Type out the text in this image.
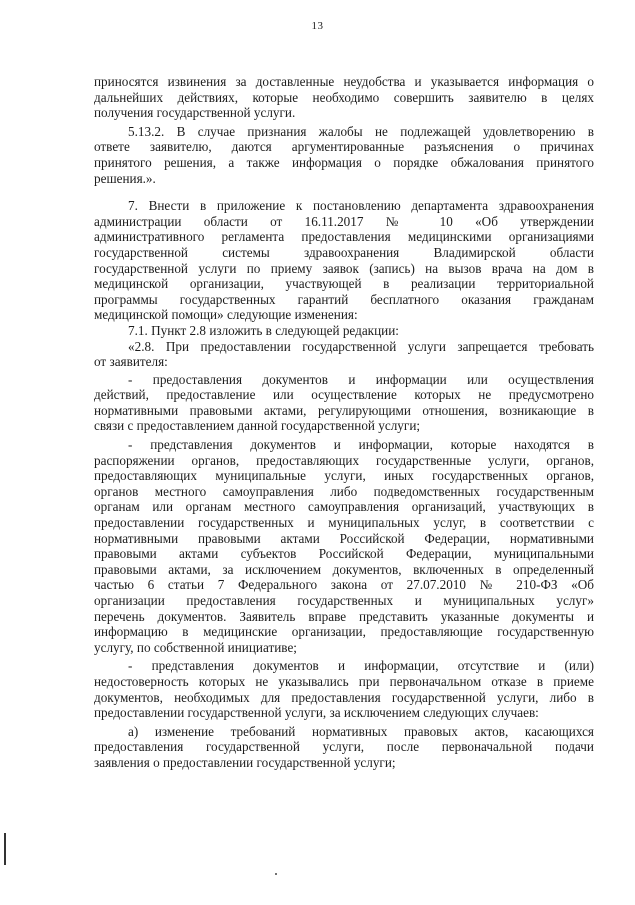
13

приносятся извинения за доставленные неудобства и указывается информация о
дальнейших действиях, которые необходимо совершить заявителю в целях
получения государственной услуги.

5.13.2. В случае признания жалобы не подлежащей удовлетворению в
ответе заявителю, даются аргументированные разъяснения о причинах
принятого решения, а также информация о порядке обжалования принятого
решения.».

7. Внести в приложение к постановлению департамента здравоохранения
администрации области от 16.11.2017 № 10 «Об утверждении
административного регламента предоставления медицинскими организациями
государственной системы здравоохранения Владимирской области
государственной услуги по приему заявок (запись) на вызов врача на дом в
медицинской организации, участвующей в реализации территориальной
программы государственных гарантий бесплатного оказания гражданам
медицинской помощи» следующие изменения:

7.1. Пункт 2.8 изложить в следующей редакции:

«2.8. При предоставлении государственной услуги запрещается требовать
от заявителя:

- предоставления документов и информации или осуществления
действий, предоставление или осуществление которых не предусмотрено
нормативными правовыми актами, регулирующими отношения, возникающие в
связи с предоставлением данной государственной услуги;

- представления документов и информации, которые находятся в
распоряжении органов, предоставляющих государственные услуги, органов,
предоставляющих муниципальные услуги, иных государственных органов,
органов местного самоуправления либо подведомственных государственным
органам или органам местного самоуправления организаций, участвующих в
предоставлении государственных и муниципальных услуг, в соответствии с
нормативными правовыми актами Российской Федерации, нормативными
правовыми актами субъектов Российской Федерации, муниципальными
правовыми актами, за исключением документов, включенных в определенный
частью 6 статьи 7 Федерального закона от 27.07.2010 № 210-ФЗ «Об
организации предоставления государственных и муниципальных услуг»
перечень документов. Заявитель вправе представить указанные документы и
информацию в медицинские организации, предоставляющие государственную
услугу, по собственной инициативе;

- представления документов и информации, отсутствие и (или)
недостоверность которых не указывались при первоначальном отказе в приеме
документов, необходимых для предоставления государственной услуги, либо в
предоставлении государственной услуги, за исключением следующих случаев:

а) изменение требований нормативных правовых актов, касающихся
предоставления государственной услуги, после первоначальной подачи
заявления о предоставлении государственной услуги;
